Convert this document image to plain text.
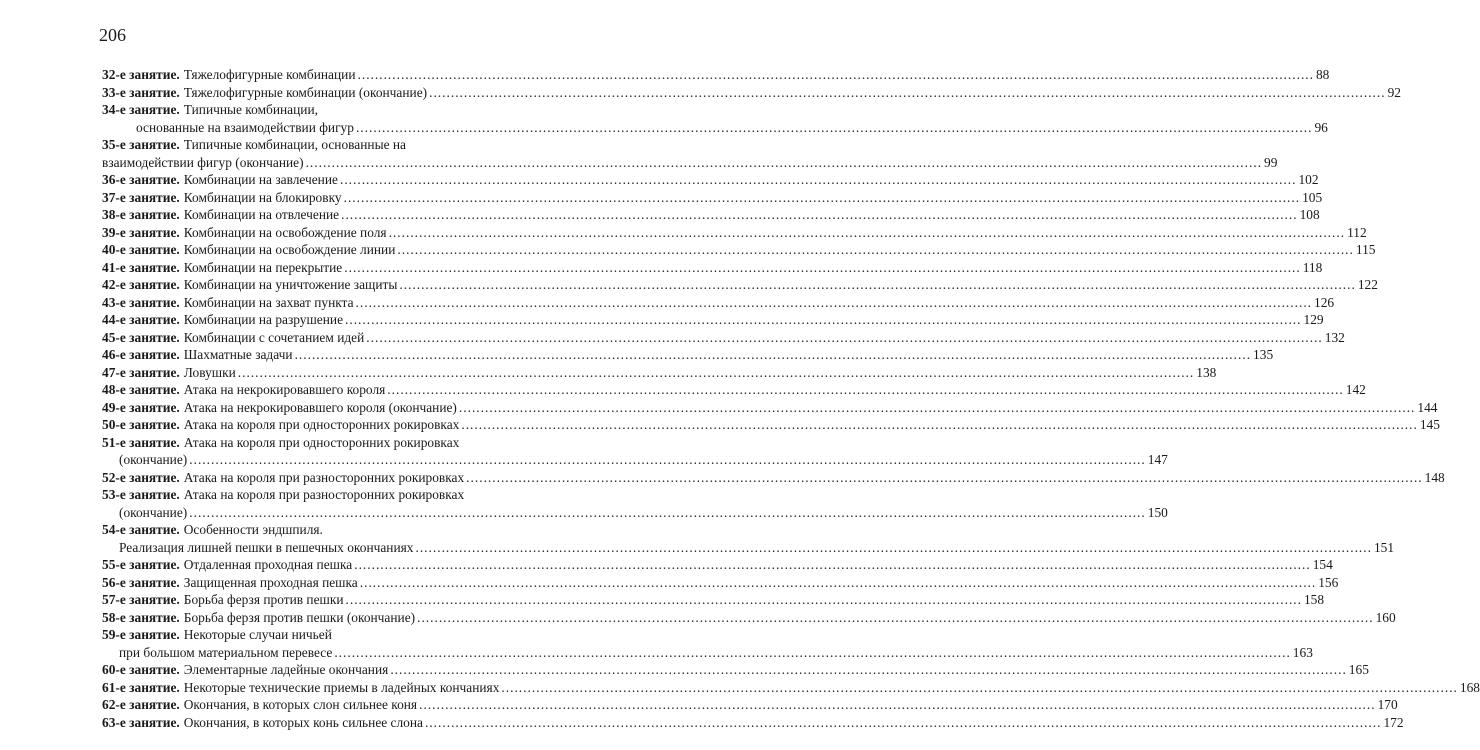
206
32-е занятие. Тяжелофигурные комбинации .....	88
33-е занятие. Тяжелофигурные комбинации (окончание) .....	92
34-е занятие. Типичные комбинации,
основанные на взаимодействии фигур .....	96
35-е занятие. Типичные комбинации, основанные на
взаимодействии фигур (окончание) .....	99
36-е занятие. Комбинации на завлечение .....	102
37-е занятие. Комбинации на блокировку .....	105
38-е занятие. Комбинации на отвлечение .....	108
39-е занятие. Комбинации на освобождение поля .....	112
40-е занятие. Комбинации на освобождение линии .....	115
41-е занятие. Комбинации на перекрытие .....	118
42-е занятие. Комбинации на уничтожение защиты .....	122
43-е занятие. Комбинации на захват пункта .....	126
44-е занятие. Комбинации на разрушение .....	129
45-е занятие. Комбинации с сочетанием идей .....	132
46-е занятие. Шахматные задачи .....	135
47-е занятие. Ловушки .....	138
48-е занятие. Атака на некрокировавшего короля .....	142
49-е занятие. Атака на некрокировавшего короля (окончание) .....	144
50-е занятие. Атака на короля при односторонних рокировках .....	145
51-е занятие. Атака на короля при односторонних рокировках
(окончание) .....	147
52-е занятие. Атака на короля при разносторонних рокировках .....	148
53-е занятие. Атака на короля при разносторонних рокировках
(окончание) .....	150
54-е занятие. Особенности эндшпиля.
Реализация лишней пешки в пешечных окончаниях .....	151
55-е занятие. Отдаленная проходная пешка .....	154
56-е занятие. Защищенная проходная пешка .....	156
57-е занятие. Борьба ферзя против пешки .....	158
58-е занятие. Борьба ферзя против пешки (окончание) .....	160
59-е занятие. Некоторые случаи ничьей
при большом материальном перевесе .....	163
60-е занятие. Элементарные ладейные окончания .....	165
61-е занятие. Некоторые технические приемы в ладейных кончаниях .....	168
62-е занятие. Окончания, в которых слон сильнее коня .....	170
63-е занятие. Окончания, в которых конь сильнее слона .....	172
